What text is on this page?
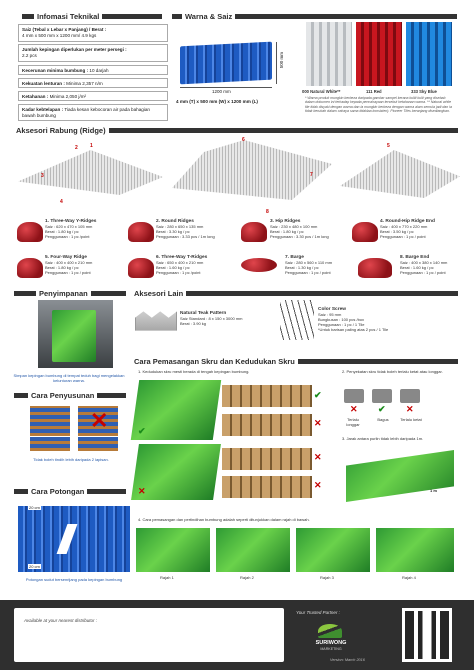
Infomasi Teknikal
Saiz (Tebal x Lebar x Panjang) / Berat :
4 mm x 500 mm x 1200 mm/ 4.9 kgs
Jumlah kepingan diperlukan per meter persegi :
2.2 pcs
Kecerunan minima bumbung : 10 darjah
Kekuatan lenturan : Minima 2,357 n/m
Ketahanan : Minima 2,050 j/m²
Kadar kebtelapan : Tiada kesan kebocoran air pada bahagian bawah bumbung
Warna & Saiz
500 mm
1200 mm
4 mm (T) x 500 mm (W) x 1200 mm (L)
000 Natural White**	111 Red	333 Sky Blue
* Warna produk mungkin berbeza daripada gambar sampel kerana kuliti kulit yang disebab dalam dokumen ini terhadap kepada pencahayaan tersebut ketahanan warna. ** Natural white tile tidak disyaki dengan warna dan ia mungkin berbeza dengan warna alam semula jadi dan ia tidak berubah dalam cahaya sama tidaklaa konsisten). Pioneer Tiles beranjang disediangkan.
Aksesori Rabung (Ridge)
1
2
3
4
5
6
7
8
1. Three-Way Y-Ridges
Saiz : 620 x 470 x 105 mm
Berat : 1.80 kg / pc
Penggunaan : 1 pc /point
2. Round Ridges
Saiz : 280 x 650 x 135 mm
Berat : 3.30 kg / pc
Penggunaan : 3.33 pcs / 1m long
3. Hip Ridges
Saiz : 230 x 480 x 100 mm
Berat : 1.80 kg / pc
Penggunaan : 3.30 pcs / 1m long
4. Round-Hip Ridge End
Saiz : 400 x 770 x 220 mm
Berat : 3.50 kg / pc
Penggunaan : 1 pc / point
5. Four-Way Ridge
Saiz : 400 x 400 x 210 mm
Berat : 1.80 kg / pc
Penggunaan : 1 pc / point
6. Three-Way T-Ridges
Saiz : 650 x 400 x 210 mm
Berat : 1.60 kg / pc
Penggunaan : 1 pc /point
7. Barge
Saiz : 280 x 560 x 110 mm
Berat : 1.30 kg / pc
Penggunaan : 1 pc / point
8. Barge End
Saiz : 400 x 380 x 140 mm
Berat : 1.60 kg / pc
Penggunaan : 1 pc / point
Penyimpanan
Simpan kepingan bumbung di tempat teduh bagi mengelakkan kelunturan warna.
Cara Penyusunan
✕
Tidak boleh tindih lebih daripada 2 lapisan.
Cara Potongan
20 cm
20 cm
Potongan sudut bersenrijang pada kepingan bumbung
Aksesori Lain
Natural Teak Pattern
Saiz Standard : 8 x 150 x 3000 mm
Berat : 3.90 kg
Color Screw
Saiz : 95 mm
Bungkusan : 100 pcs /box
Penggunaan : 1 pc / 1 Tile
*Untuk barisan paling atas 2 pcs / 1 Tile
Cara Pemasangan Skru dan Kedudukan Skru
1. Kedudukan skru mesti berada di tengah kepingan bumbung.
✔
✔
✕
✕
✕
✕
2. Penyekatan skru tidak boleh terlalu ketat atau longgar.
✕ ✔ ✕
Terlalu longgar
Bagus	Terlalu ketat
3. Jarak antara purlin tidak lebih daripada 1m.
1 m
4. Cara pemasangan dan pertindihan bumbung adalah seperti ditunjukkan dalam rajah di bawah.
Rajah 1	Rajah 2	Rajah 3	Rajah 4
Available at your nearest distributor :
Your Trusted Partner :
SURIWONG
MARKETING
Version: March 2016
